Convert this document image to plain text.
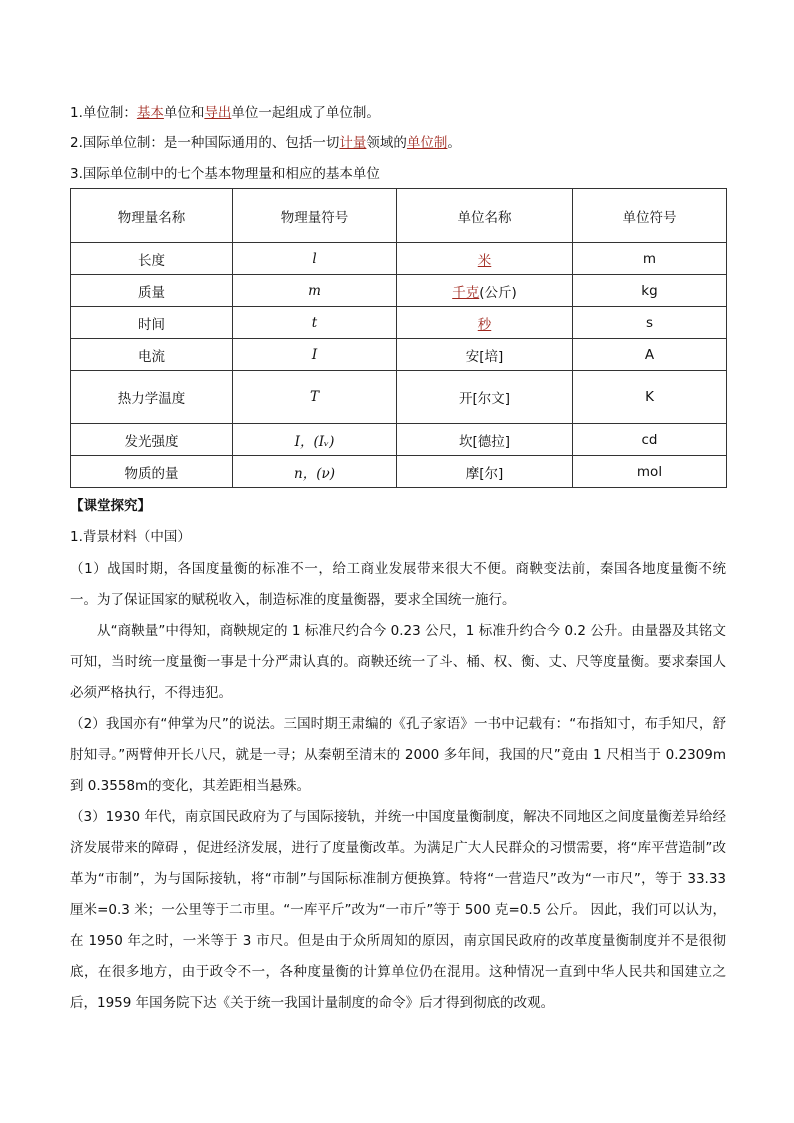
1.单位制：基本单位和导出单位一起组成了单位制。
2.国际单位制：是一种国际通用的、包括一切计量领域的单位制。
3.国际单位制中的七个基本物理量和相应的基本单位
物理量名称	物理量符号	单位名称	单位符号
长度	l	米	m
质量	m	千克(公斤)	kg
时间	t	秒	s
电流	I	安[培]	A
热力学温度	T	开[尔文]	K
发光强度	I，(Iᵥ)	坎[德拉]	cd
物质的量	n，(ν)	摩[尔]	mol
【课堂探究】
1.背景材料（中国）
（1）战国时期，各国度量衡的标准不一，给工商业发展带来很大不便。商鞅变法前，秦国各地度量衡不统一。为了保证国家的赋税收入，制造标准的度量衡器，要求全国统一施行。
从“商鞅量”中得知，商鞅规定的 1 标准尺约合今 0.23 公尺，1 标准升约合今 0.2 公升。由量器及其铭文可知，当时统一度量衡一事是十分严肃认真的。商鞅还统一了斗、桶、权、衡、丈、尺等度量衡。要求秦国人必须严格执行，不得违犯。
（2）我国亦有“伸掌为尺”的说法。三国时期王肃编的《孔子家语》一书中记载有：“布指知寸，布手知尺，舒肘知寻。”两臂伸开长八尺，就是一寻；从秦朝至清末的 2000 多年间，我国的尺”竟由 1 尺相当于 0.2309m到 0.3558m的变化，其差距相当悬殊。
（3）1930 年代，南京国民政府为了与国际接轨，并统一中国度量衡制度，解决不同地区之间度量衡差异给经济发展带来的障碍 ，促进经济发展，进行了度量衡改革。为满足广大人民群众的习惯需要，将“库平营造制”改革为“市制”，为与国际接轨，将“市制”与国际标准制方便换算。特将“一营造尺”改为“一市尺”，等于 33.33 厘米=0.3 米；一公里等于二市里。“一库平斤”改为“一市斤”等于 500 克=0.5 公斤。 因此，我们可以认为，在 1950 年之时，一米等于 3 市尺。但是由于众所周知的原因，南京国民政府的改革度量衡制度并不是很彻底，在很多地方，由于政令不一，各种度量衡的计算单位仍在混用。这种情况一直到中华人民共和国建立之后，1959 年国务院下达《关于统一我国计量制度的命令》后才得到彻底的改观。
